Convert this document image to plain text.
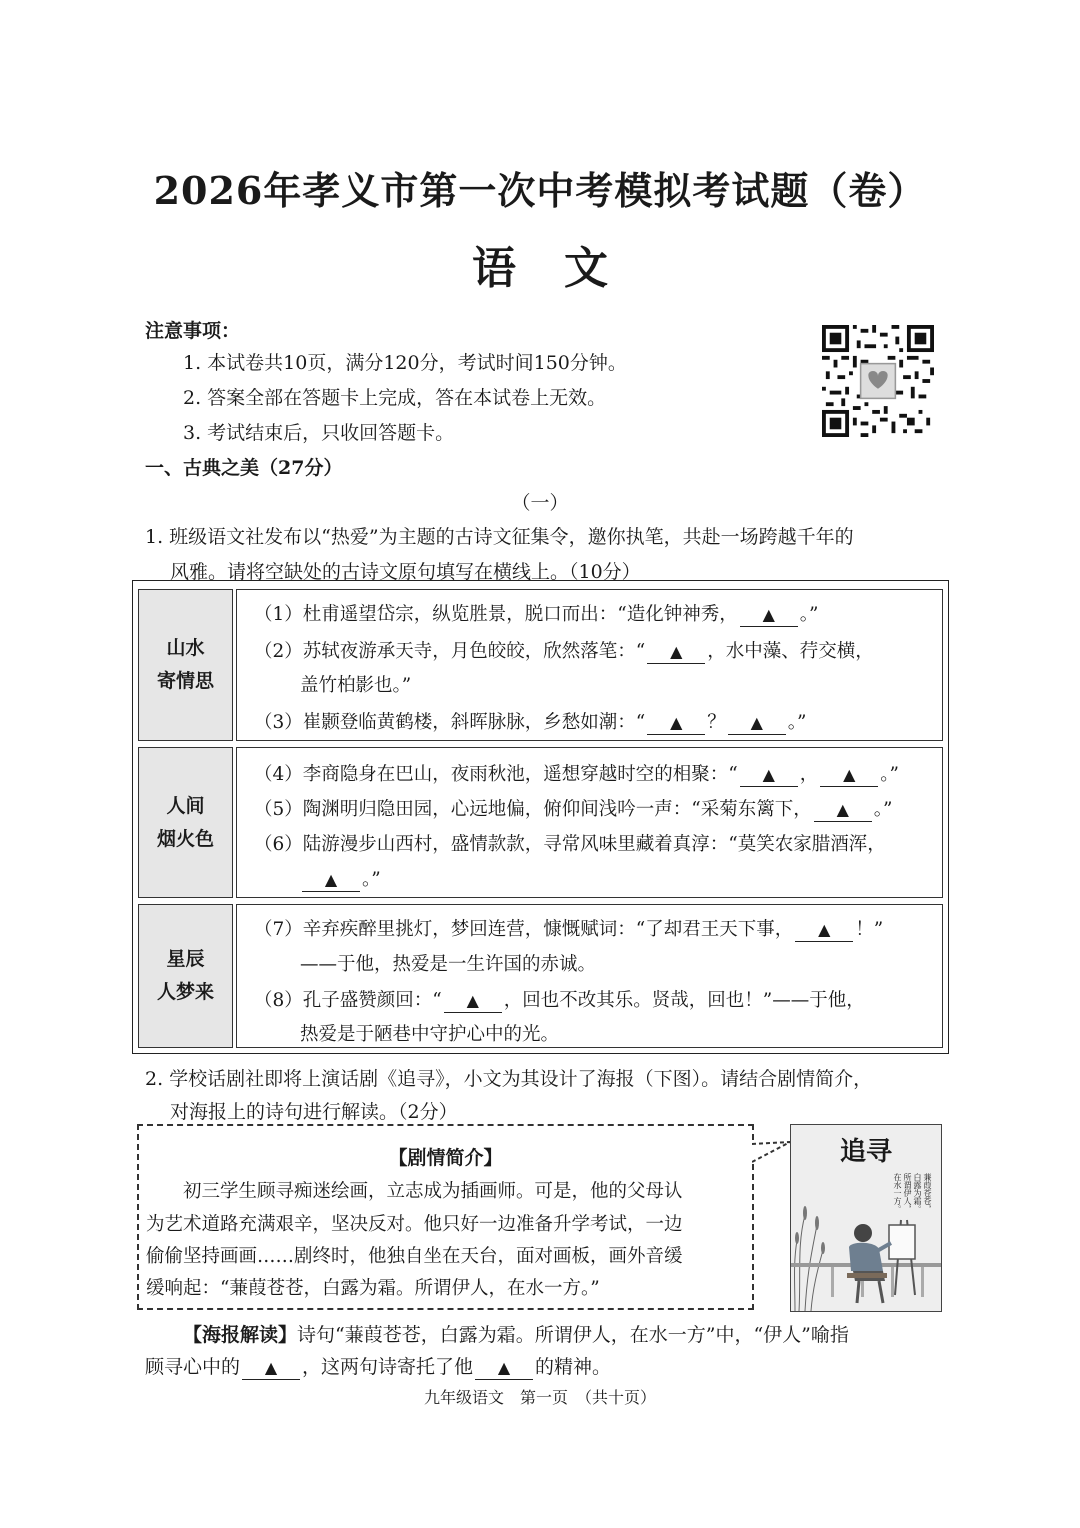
2026年孝义市第一次中考模拟考试题（卷）
语文
注意事项：
1. 本试卷共10页，满分120分，考试时间150分钟。
2. 答案全部在答题卡上完成，答在本试卷上无效。
3. 考试结束后，只收回答题卡。
一、古典之美（27分）
（一）
1. 班级语文社发布以“热爱”为主题的古诗文征集令，邀你执笔，共赴一场跨越千年的
风雅。请将空缺处的古诗文原句填写在横线上。（10分）
山水
寄情思
人间
烟火色
星辰
人梦来
（1）杜甫遥望岱宗，纵览胜景，脱口而出：“造化钟神秀， ▲ 。”
（2）苏轼夜游承天寺，月色皎皎，欣然落笔：“ ▲ ，水中藻、荇交横，
盖竹柏影也。”
（3）崔颢登临黄鹤楼，斜晖脉脉，乡愁如潮：“ ▲ ？ ▲ 。”
（4）李商隐身在巴山，夜雨秋池，遥想穿越时空的相聚：“ ▲ ， ▲ 。”
（5）陶渊明归隐田园，心远地偏，俯仰间浅吟一声：“采菊东篱下， ▲ 。”
（6）陆游漫步山西村，盛情款款，寻常风味里藏着真淳：“莫笑农家腊酒浑，
▲ 。”
（7）辛弃疾醉里挑灯，梦回连营，慷慨赋词：“了却君王天下事， ▲ ！”
——于他，热爱是一生许国的赤诚。
（8）孔子盛赞颜回：“ ▲ ，回也不改其乐。贤哉，回也！”——于他，
热爱是于陋巷中守护心中的光。
2. 学校话剧社即将上演话剧《追寻》，小文为其设计了海报（下图）。请结合剧情简介，
对海报上的诗句进行解读。（2分）
【剧情简介】
初三学生顾寻痴迷绘画，立志成为插画师。可是，他的父母认
为艺术道路充满艰辛，坚决反对。他只好一边准备升学考试，一边
偷偷坚持画画……剧终时，他独自坐在天台，面对画板，画外音缓
缓响起：“蒹葭苍苍，白露为霜。所谓伊人，在水一方。”
追寻
蒹葭苍苍，
白露为霜。
所谓伊人，
在水一方。
【海报解读】诗句“蒹葭苍苍，白露为霜。所谓伊人，在水一方”中，“伊人”喻指
顾寻心中的 ▲ ，这两句诗寄托了他 ▲ 的精神。
九年级语文　第一页　（共十页）
